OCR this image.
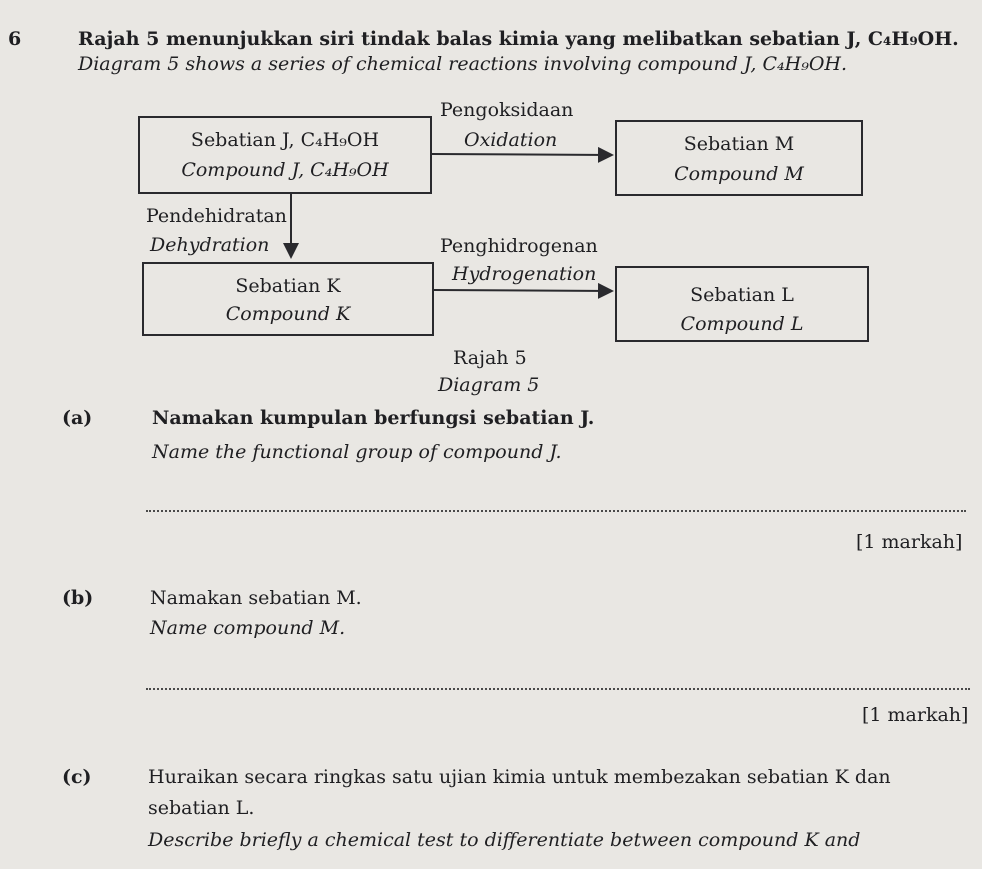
6	Rajah 5 menunjukkan siri tindak balas kimia yang melibatkan sebatian J, C₄H₉OH.
Diagram 5 shows a series of chemical reactions involving compound J, C₄H₉OH.
Sebatian J, C₄H₉OH
Compound J, C₄H₉OH
Sebatian M
Compound M
Sebatian K
Compound K
Sebatian L
Compound L
Pengoksidaan
Oxidation
Pendehidratan
Dehydration	Penghidrogenan
Hydrogenation
Rajah 5
Diagram 5
(a)	Namakan kumpulan berfungsi sebatian J.
Name the functional group of compound J.
[1 markah]
(b)	Namakan sebatian M.
Name compound M.
[1 markah]
(c)	Huraikan secara ringkas satu ujian kimia untuk membezakan sebatian K dan
sebatian L.
Describe briefly a chemical test to differentiate between compound K and
